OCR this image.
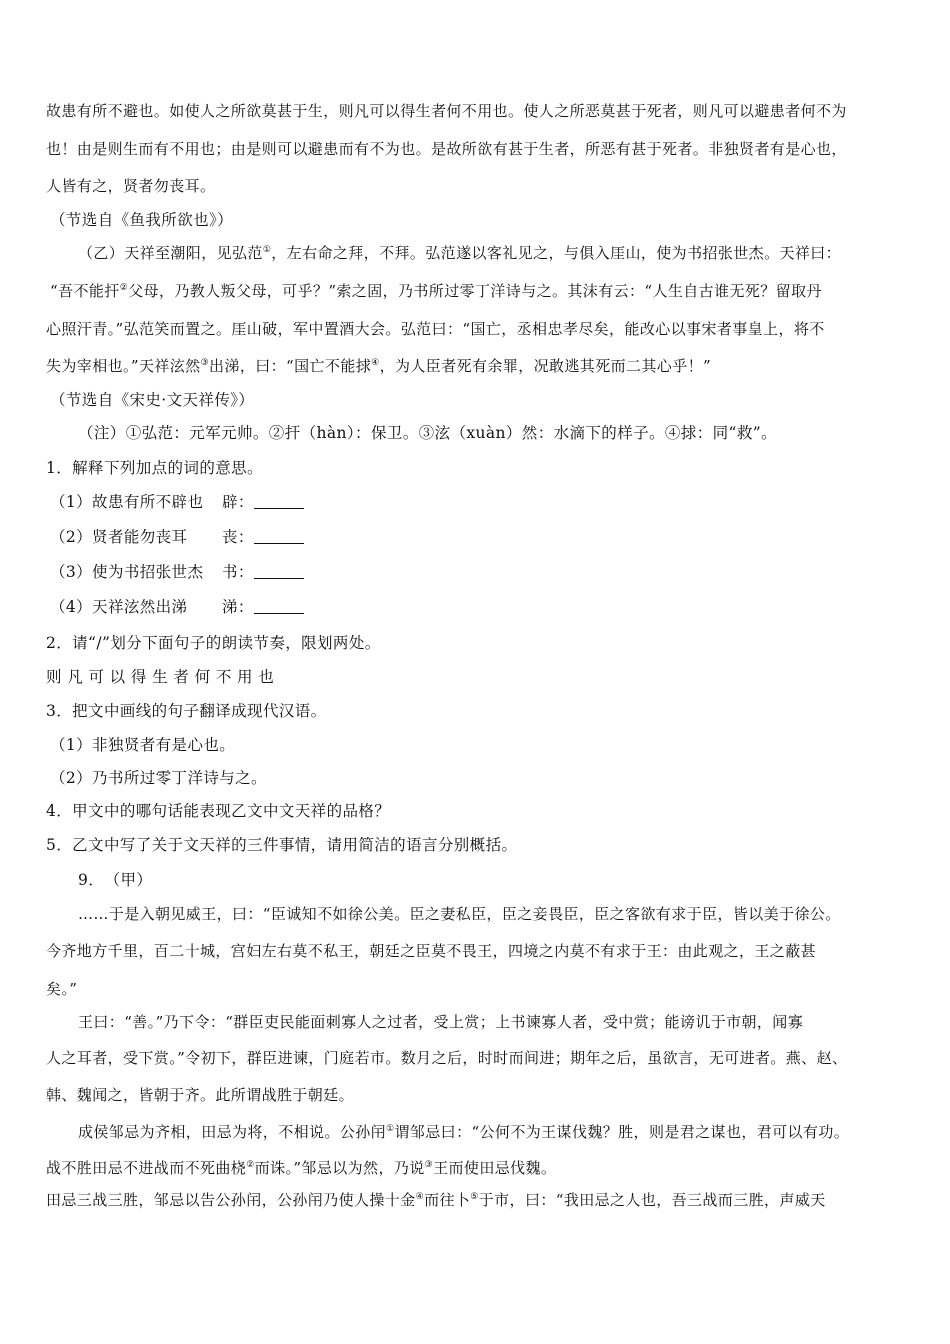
故患有所不避也。如使人之所欲莫甚于生，则凡可以得生者何不用也。使人之所恶莫甚于死者，则凡可以避患者何不为
也！由是则生而有不用也；由是则可以避患而有不为也。是故所欲有甚于生者，所恶有甚于死者。非独贤者有是心也，
人皆有之，贤者勿丧耳。
（节选自《鱼我所欲也》）
（乙）天祥至潮阳，见弘范①，左右命之拜，不拜。弘范遂以客礼见之，与俱入厓山，使为书招张世杰。天祥曰：
“吾不能扞②父母，乃教人叛父母，可乎？”索之固，乃书所过零丁洋诗与之。其沫有云：“人生自古谁无死？留取丹
心照汗青。”弘范笑而置之。厓山破，军中置酒大会。弘范曰：“国亡，丞相忠孝尽矣，能改心以事宋者事皇上，将不
失为宰相也。”天祥泫然③出涕，曰：“国亡不能捄④，为人臣者死有余罪，况敢逃其死而二其心乎！”
（节选自《宋史·文天祥传》）
（注）①弘范：元军元帅。②扞（hàn）：保卫。③泫（xuàn）然：水滴下的样子。④捄：同“救”。
1．解释下列加点的词的意思。
（1）故患有所不辟也 辟：
（2）贤者能勿丧耳 丧：
（3）使为书招张世杰 书：
（4）天祥泫然出涕 涕：
2．请“/”划分下面句子的朗读节奏，限划两处。
则 凡 可 以 得 生 者 何 不 用 也
3．把文中画线的句子翻译成现代汉语。
（1）非独贤者有是心也。
（2）乃书所过零丁洋诗与之。
4．甲文中的哪句话能表现乙文中文天祥的品格？
5．乙文中写了关于文天祥的三件事情，请用简洁的语言分别概括。
9．　（甲）
……于是入朝见威王，曰：“臣诚知不如徐公美。臣之妻私臣，臣之妾畏臣，臣之客欲有求于臣，皆以美于徐公。
今齐地方千里，百二十城，宫妇左右莫不私王，朝廷之臣莫不畏王，四境之内莫不有求于王：由此观之，王之蔽甚
矣。”
王曰：“善。”乃下令：“群臣吏民能面刺寡人之过者，受上赏；上书谏寡人者，受中赏；能谤讥于市朝，闻寡
人之耳者，受下赏。”令初下，群臣进谏，门庭若市。数月之后，时时而间进；期年之后，虽欲言，无可进者。燕、赵、
韩、魏闻之，皆朝于齐。此所谓战胜于朝廷。
成侯邹忌为齐相，田忌为将，不相说。公孙闬①谓邹忌曰：“公何不为王谋伐魏？胜，则是君之谋也，君可以有功。
战不胜田忌不进战而不死曲桡②而诛。”邹忌以为然，乃说③王而使田忌伐魏。
田忌三战三胜，邹忌以告公孙闬，公孙闬乃使人操十金④而往卜⑤于市，曰：“我田忌之人也，吾三战而三胜，声威天
